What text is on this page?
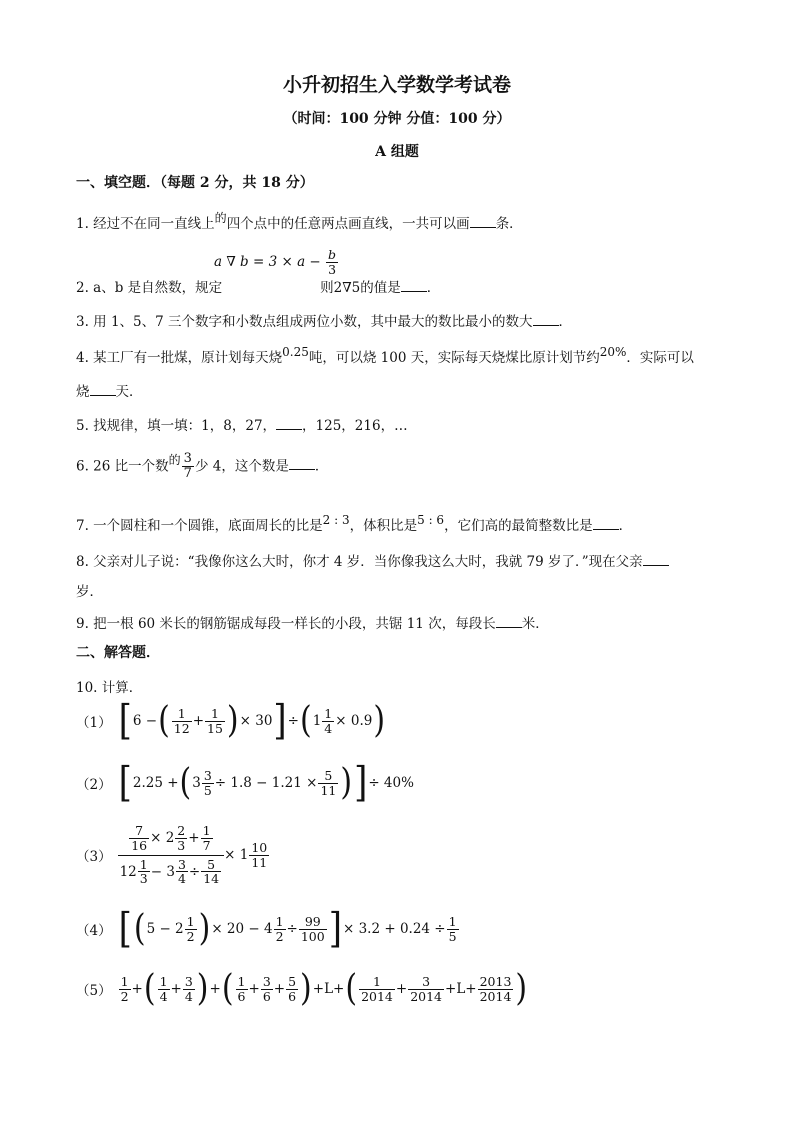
小升初招生入学数学考试卷
（时间：100 分钟 分值：100 分）
A 组题
一、填空题．（每题 2 分，共 18 分）
1. 经过不在同一直线上的四个点中的任意两点画直线，一共可以画 条．
a ∇ $b = 3 \times a - \frac{b}{3}$
2. a、b 是自然数，规定	则2∇5的值是 ．
3. 用 1、5、7 三个数字和小数点组成两位小数，其中最大的数比最小的数大 ．
4. 某工厂有一批煤，原计划每天烧0.25吨，可以烧 100 天，实际每天烧煤比原计划节约20%．实际可以
烧 天．
5. 找规律，填一填：1，8，27， ，125，216，…
6. 26 比一个数的 $\frac{3}{7}$ 少 4，这个数是 ．
7. 一个圆柱和一个圆锥，底面周长的比是2 : 3，体积比是5 : 6，它们高的最简整数比是 ．
8. 父亲对儿子说：“我像你这么大时，你才 4 岁．当你像我这么大时，我就 79 岁了．”现在父亲
岁．
9. 把一根 60 米长的钢筋锯成每段一样长的小段，共锯 11 次，每段长 米．
二、解答题．
10. 计算．
（1） [ 6 − ( $\frac{1}{12} + \frac{1}{15}$ ) × 30 ] ÷ ( $1 \frac{1}{4} \times 0.9$ )
（2） [ 2.25 + ( $3 \frac{3}{5} \div 1.8 - 1.21 \times \frac{5}{11}$ ) ] ÷ 40%
$(3) \frac{\frac{7}{16} \times 2 \frac{2}{3} + \frac{1}{7}}{12 \frac{1}{3} - 3 \frac{3}{4} \div \frac{5}{14}} \times 1 \frac{10}{11}$
（4） [ ( $5 - 2 \frac{1}{2}$ ) × $20 - 4 \frac{1}{2} \div \frac{99}{100}$ ] × $3.2 + 0.24 \div \frac{1}{5}$
$(5) \frac{1}{2}$ + ( $\frac{1}{4} + \frac{3}{4}$ ) + ( $\frac{1}{6} + \frac{3}{6} + \frac{5}{6}$ ) + L + ( $\frac{1}{2014} + \frac{3}{2014} + L + \frac{2013}{2014}$ )
